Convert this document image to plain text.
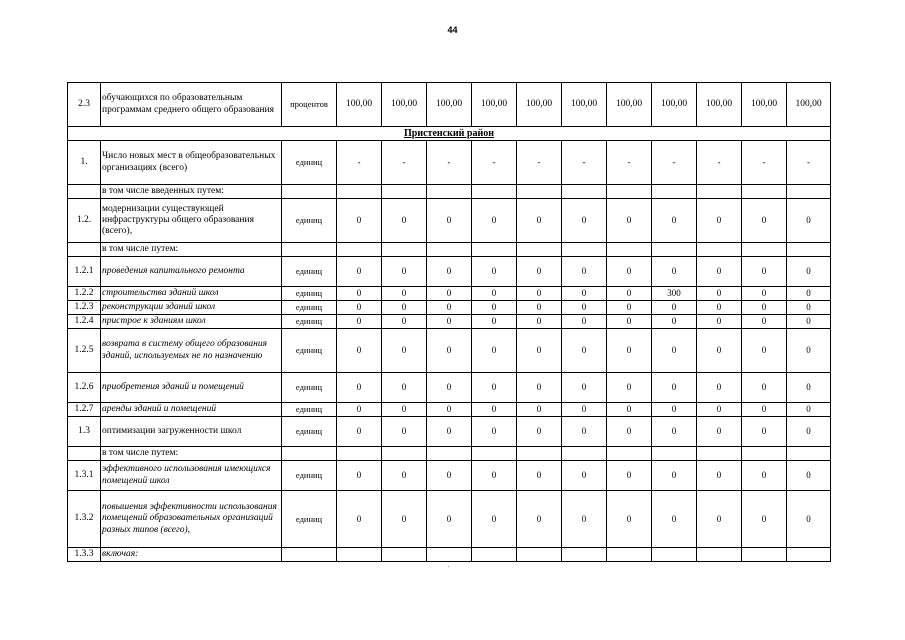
44
2.3	обучающихся по образовательным программам среднего общего образования	процентов	100,00	100,00	100,00	100,00	100,00	100,00	100,00	100,00	100,00	100,00	100,00
Пристенский район													
1.	Число новых мест в общеобразовательных организациях (всего)	единиц	-	-	-	-	-	-	-	-	-	-	-
	в том числе введенных путем:												
1.2.	модернизации существующей инфраструктуры общего образования (всего),	единиц	0	0	0	0	0	0	0	0	0	0	0
	в том числе путем:												
1.2.1	проведения капитального ремонта	единиц	0	0	0	0	0	0	0	0	0	0	0
1.2.2	строительства зданий школ	единиц	0	0	0	0	0	0	0	300	0	0	0
1.2.3	реконструкции зданий школ	единиц	0	0	0	0	0	0	0	0	0	0	0
1.2.4	пристрое к зданиям школ	единиц	0	0	0	0	0	0	0	0	0	0	0
1.2.5	возврата в систему общего образования зданий, используемых не по назначению	единиц	0	0	0	0	0	0	0	0	0	0	0
1.2.6	приобретения зданий и помещений	единиц	0	0	0	0	0	0	0	0	0	0	0
1.2.7	аренды зданий и помещений	единиц	0	0	0	0	0	0	0	0	0	0	0
1.3	оптимизации загруженности школ	единиц	0	0	0	0	0	0	0	0	0	0	0
	в том числе путем:												
1.3.1	эффективного использования имеющихся помещений школ	единиц	0	0	0	0	0	0	0	0	0	0	0
1.3.2	повышения эффективности использования помещений образовательных организаций разных типов (всего),	единиц	0	0	0	0	0	0	0	0	0	0	0
1.3.3	включая:												
